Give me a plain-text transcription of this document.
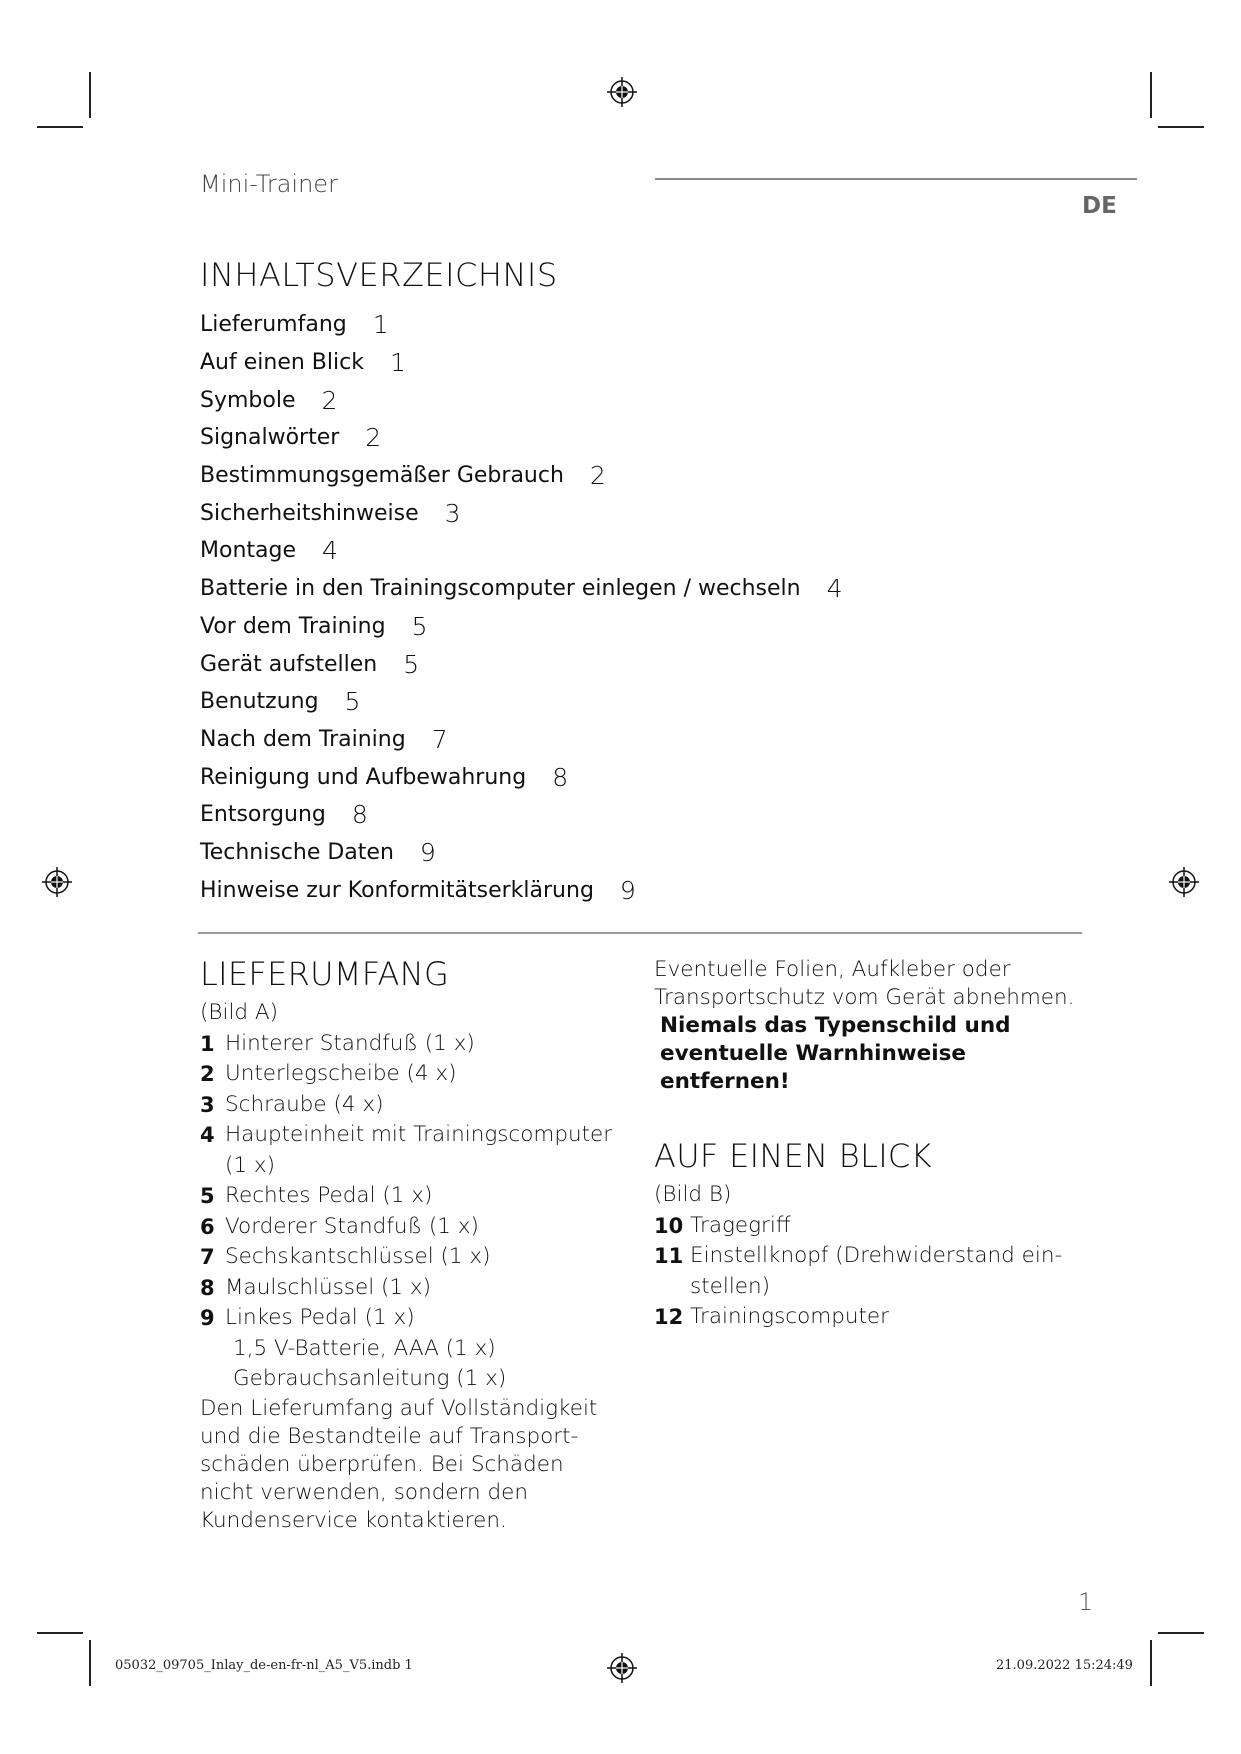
Mini-Trainer
DE
INHALTSVERZEICHNIS
Lieferumfang 1
Auf einen Blick 1
Symbole 2
Signalwörter 2
Bestimmungsgemäßer Gebrauch 2
Sicherheitshinweise 3
Montage 4
Batterie in den Trainingscomputer einlegen / wechseln 4
Vor dem Training 5
Gerät aufstellen 5
Benutzung 5
Nach dem Training 7
Reinigung und Aufbewahrung 8
Entsorgung 8
Technische Daten 9
Hinweise zur Konformitätserklärung 9
LIEFERUMFANG

(Bild A)

1 Hinterer Standfuß (1 x)
2 Unterlegscheibe (4 x)
3 Schraube (4 x)
4 Haupteinheit mit Trainingscomputer (1 x)
5 Rechtes Pedal (1 x)
6 Vorderer Standfuß (1 x)
7 Sechskantschlüssel (1 x)
8 Maulschlüssel (1 x)
9 Linkes Pedal (1 x)
1,5 V-Batterie, AAA (1 x)
Gebrauchsanleitung (1 x)

Den Lieferumfang auf Vollständigkeit und die Bestandteile auf Transportschäden überprüfen. Bei Schäden nicht verwenden, sondern den Kundenservice kontaktieren.

Eventuelle Folien, Aufkleber oder Transportschutz vom Gerät abnehmen.

Niemals das Typenschild und eventuelle Warnhinweise entfernen!

AUF EINEN BLICK

(Bild B)

10 Tragegriff
11 Einstellknopf (Drehwiderstand einstellen)
12 Trainingscomputer
1
05032_09705_Inlay_de-en-fr-nl_A5_V5.indb 1	21.09.2022 15:24:49
